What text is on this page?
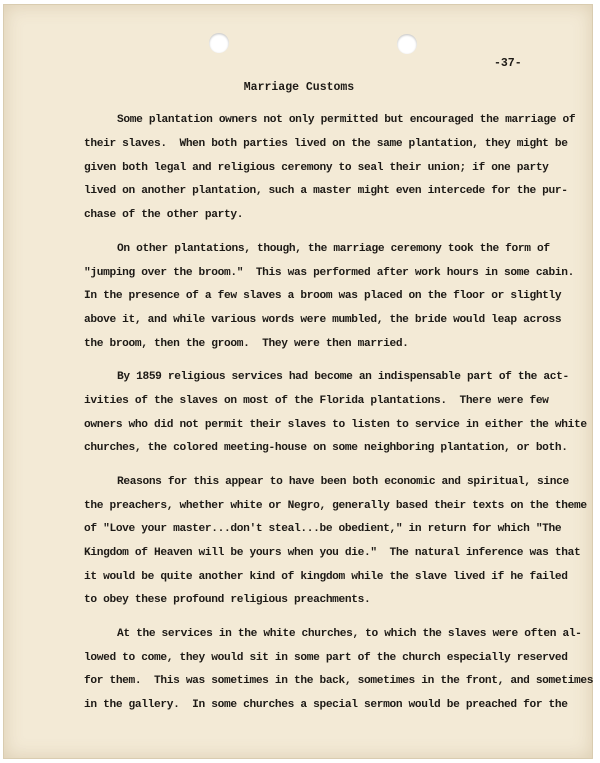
-37-
Marriage Customs
Some plantation owners not only permitted but encouraged the marriage of
their slaves.  When both parties lived on the same plantation, they might be
given both legal and religious ceremony to seal their union; if one party
lived on another plantation, such a master might even intercede for the pur-
chase of the other party.
On other plantations, though, the marriage ceremony took the form of
"jumping over the broom."  This was performed after work hours in some cabin.
In the presence of a few slaves a broom was placed on the floor or slightly
above it, and while various words were mumbled, the bride would leap across
the broom, then the groom.  They were then married.
By 1859 religious services had become an indispensable part of the act-
ivities of the slaves on most of the Florida plantations.  There were few
owners who did not permit their slaves to listen to service in either the white
churches, the colored meeting-house on some neighboring plantation, or both.
Reasons for this appear to have been both economic and spiritual, since
the preachers, whether white or Negro, generally based their texts on the theme
of "Love your master...don't steal...be obedient," in return for which "The
Kingdom of Heaven will be yours when you die."  The natural inference was that
it would be quite another kind of kingdom while the slave lived if he failed
to obey these profound religious preachments.
At the services in the white churches, to which the slaves were often al-
lowed to come, they would sit in some part of the church especially reserved
for them.  This was sometimes in the back, sometimes in the front, and sometimes
in the gallery.  In some churches a special sermon would be preached for the
